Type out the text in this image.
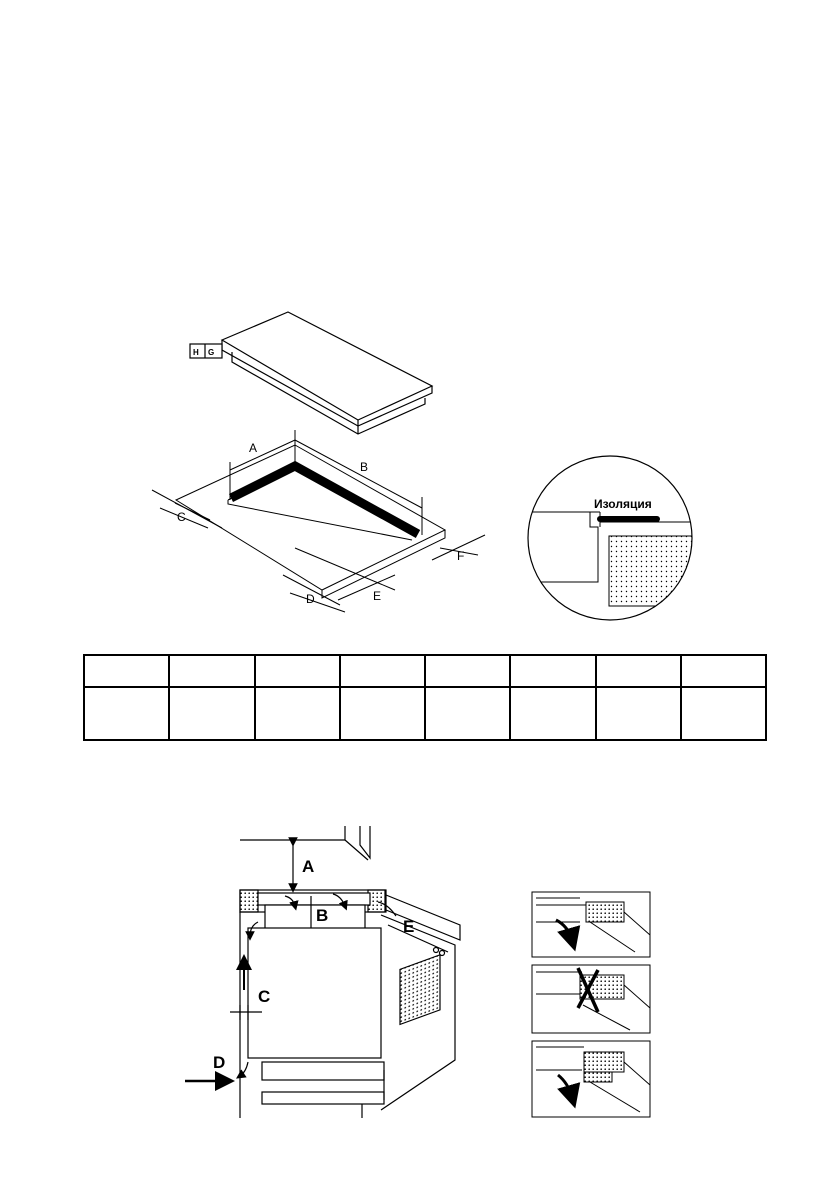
H G
A
B
C
D	E
F
Изоляция

A
B
C
D
E
